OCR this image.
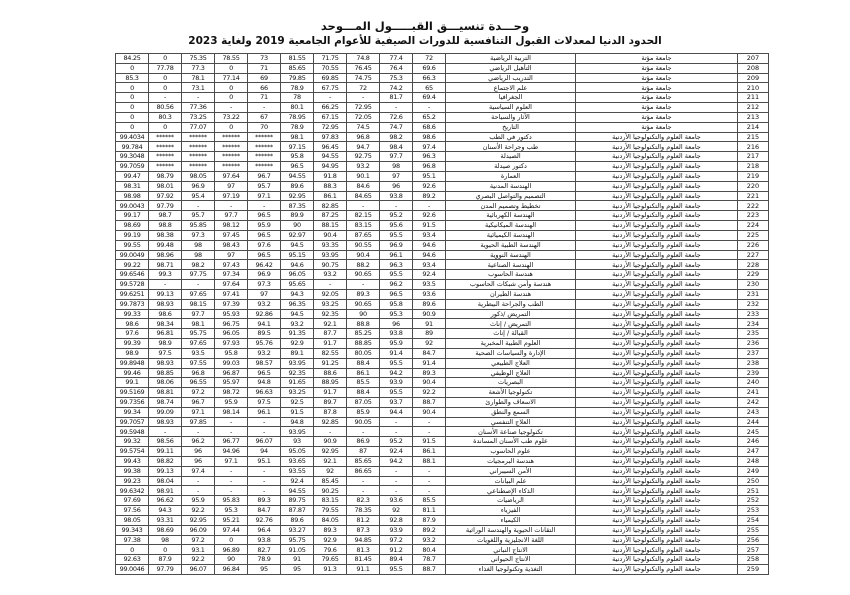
وحـــدة تنسيـــق القبـــــول المـــوحد
الحدود الدنيا لمعدلات القبول التنافسية للدورات الصيفية للأعوام الجامعية 2019 ولغاية 2023
84.25	0	75.35	78.55	73	81.55	71.75	74.8	77.4	72	التربية الرياضية	جامعة مؤتة	207
0	77.78	77.3	0	71	85.65	70.55	76.45	76.4	69.6	التأهيل الرياضي	جامعة مؤتة	208
85.3	0	78.1	77.14	69	79.85	69.85	74.75	75.3	66.3	التدريب الرياضي	جامعة مؤتة	209
0	0	73.1	0	66	78.9	67.75	72	74.2	65	علم الاجتماع	جامعة مؤتة	210
0	-	-	0	71	78	-	-	81.7	69.4	الجغرافيا	جامعة مؤتة	211
0	80.56	77.36	-	-	80.1	66.25	72.95	-	-	العلوم السياسية	جامعة مؤتة	212
0	80.3	73.25	73.22	67	78.95	67.15	72.05	72.6	65.2	الآثار والسياحة	جامعة مؤتة	213
0	0	77.07	0	70	78.9	72.95	74.5	74.7	68.6	التاريخ	جامعة مؤتة	214
99.4034	******	******	******	******	98.1	97.83	96.8	98.2	98.6	دكتور في الطب	جامعة العلوم والتكنولوجيا الأردنية	215
99.784	******	******	******	******	97.15	96.45	94.7	98.4	97.4	طب وجراحة الأسنان	جامعة العلوم والتكنولوجيا الأردنية	216
99.3048	******	******	******	******	95.8	94.55	92.75	97.7	96.3	الصيدلة	جامعة العلوم والتكنولوجيا الأردنية	217
99.7059	******	******	******	******	96.5	94.95	93.2	98	96.8	دكتور صيدلة	جامعة العلوم والتكنولوجيا الأردنية	218
99.47	98.79	98.05	97.64	96.7	94.55	91.8	90.1	97	95.1	العمارة	جامعة العلوم والتكنولوجيا الأردنية	219
98.31	98.01	96.9	97	95.7	89.6	88.3	84.6	96	92.6	الهندسة المدنية	جامعة العلوم والتكنولوجيا الأردنية	220
98.98	97.92	95.4	97.19	97.1	92.95	86.1	84.65	93.8	89.2	التصميم والتواصل البصري	جامعة العلوم والتكنولوجيا الأردنية	221
99.0043	97.79	-	-	-	87.35	82.85	-	-	-	تخطيط وتصميم المدن	جامعة العلوم والتكنولوجيا الأردنية	222
99.17	98.7	95.7	97.7	96.5	89.9	87.25	82.15	95.2	92.6	الهندسة الكهربائية	جامعة العلوم والتكنولوجيا الأردنية	223
98.69	98.8	95.85	98.12	95.9	90	88.15	83.15	95.6	91.5	الهندسة الميكانيكية	جامعة العلوم والتكنولوجيا الأردنية	224
99.19	98.38	97.3	97.45	96.5	92.97	90.4	87.65	95.5	93.4	الهندسة الكيميائية	جامعة العلوم والتكنولوجيا الأردنية	225
99.55	99.48	98	98.43	97.6	94.5	93.35	90.55	96.9	94.6	الهندسة الطبية الحيوية	جامعة العلوم والتكنولوجيا الأردنية	226
99.0049	98.96	98	97	96.5	95.15	93.95	90.4	96.1	94.6	الهندسة النووية	جامعة العلوم والتكنولوجيا الأردنية	227
99.22	98.71	98.2	97.43	96.42	94.6	90.75	88.2	96.3	93.4	الهندسة الصناعية	جامعة العلوم والتكنولوجيا الأردنية	228
99.6546	99.3	97.75	97.34	96.9	96.05	93.2	90.65	95.5	92.4	هندسة الحاسوب	جامعة العلوم والتكنولوجيا الأردنية	229
99.5728	-	-	97.64	97.3	95.65	-	-	96.2	93.5	هندسة وأمن شبكات الحاسوب	جامعة العلوم والتكنولوجيا الأردنية	230
99.6251	99.13	97.65	97.41	97	94.3	92.05	89.3	96.5	93.6	هندسة الطيران	جامعة العلوم والتكنولوجيا الأردنية	231
99.7873	98.93	98.15	97.39	93.2	96.35	93.25	90.65	95.8	89.6	الطب والجراحة البيطرية	جامعة العلوم والتكنولوجيا الأردنية	232
99.33	98.6	97.7	95.93	92.86	94.5	92.35	90	95.3	90.9	التمريض /ذكور	جامعة العلوم والتكنولوجيا الأردنية	233
98.6	98.34	98.1	96.75	94.1	93.2	92.1	88.8	96	91	التمريض / إناث	جامعة العلوم والتكنولوجيا الأردنية	234
97.6	96.81	95.75	96.05	89.5	91.35	87.7	85.25	93.8	89	القبالة / إناث	جامعة العلوم والتكنولوجيا الأردنية	235
99.39	98.9	97.65	97.93	95.76	92.9	91.7	88.85	95.9	92	العلوم الطبية المخبرية	جامعة العلوم والتكنولوجيا الأردنية	236
98.9	97.5	93.5	95.8	93.2	89.1	82.55	80.05	91.4	84.7	الإدارة والسياسات الصحية	جامعة العلوم والتكنولوجيا الأردنية	237
99.8948	98.93	97.55	99.03	98.57	93.95	91.25	88.4	95.5	91.4	العلاج الطبيعي	جامعة العلوم والتكنولوجيا الأردنية	238
99.46	98.85	96.8	96.87	96.5	92.35	88.6	86.1	94.2	89.3	العلاج الوظيفي	جامعة العلوم والتكنولوجيا الأردنية	239
99.1	98.06	96.55	95.97	94.8	91.65	88.95	85.5	93.9	90.4	البصريات	جامعة العلوم والتكنولوجيا الأردنية	240
99.5169	98.81	97.2	98.72	96.63	93.25	91.7	88.4	95.5	92.2	تكنولوجيا الأشعة	جامعة العلوم والتكنولوجيا الأردنية	241
99.7356	98.74	96.7	95.9	97.5	92.5	89.7	87.05	93.7	88.7	الاسعاف والطوارئ	جامعة العلوم والتكنولوجيا الأردنية	242
99.34	99.09	97.1	98.14	96.1	91.5	87.8	85.9	94.4	90.4	السمع والنطق	جامعة العلوم والتكنولوجيا الأردنية	243
99.7057	98.93	97.85	-	-	94.8	92.85	90.05	-	-	العلاج التنفسي	جامعة العلوم والتكنولوجيا الأردنية	244
99.5948	-	-	-	-	93.95	-	-	-	-	تكنولوجيا صناعة الأسنان	جامعة العلوم والتكنولوجيا الأردنية	245
99.32	98.56	96.2	96.77	96.07	93	90.9	86.9	95.2	91.5	علوم طب الأسنان المساندة	جامعة العلوم والتكنولوجيا الأردنية	246
99.5754	99.11	96	94.96	94	95.05	92.95	87	92.4	86.1	علوم الحاسوب	جامعة العلوم والتكنولوجيا الأردنية	247
99.43	98.82	96	97.1	95.1	93.65	92.1	85.65	94.2	88.1	هندسة البرمجيات	جامعة العلوم والتكنولوجيا الأردنية	248
99.38	99.13	97.4	-	-	93.55	92	86.65	-	-	الأمن السيبراني	جامعة العلوم والتكنولوجيا الأردنية	249
99.23	98.04	-	-	-	92.4	85.45	-	-	-	علم البيانات	جامعة العلوم والتكنولوجيا الأردنية	250
99.6342	98.91	-	-	-	94.55	90.25	-	-	-	الذكاء الإصطناعي	جامعة العلوم والتكنولوجيا الأردنية	251
97.69	96.62	95.9	95.83	89.3	89.75	83.15	82.3	93.6	85.5	الرياضيات	جامعة العلوم والتكنولوجيا الأردنية	252
97.56	94.3	92.2	95.3	84.7	87.87	79.55	78.35	92	81.1	الفيزياء	جامعة العلوم والتكنولوجيا الأردنية	253
98.05	93.31	92.95	95.21	92.76	89.6	84.05	81.2	92.8	87.9	الكيمياء	جامعة العلوم والتكنولوجيا الأردنية	254
99.343	98.69	96.09	97.44	96.4	93.27	89.3	87.3	93.9	89.2	التقانات الحيوية والهندسة الوراثية	جامعة العلوم والتكنولوجيا الأردنية	255
97.38	98	97.2	0	93.8	95.75	92.9	94.85	97.2	93.2	اللغة الانجليزية واللغويات	جامعة العلوم والتكنولوجيا الأردنية	256
0	0	93.1	96.89	82.7	91.05	79.6	81.3	91.2	80.4	الانتاج النباتي	جامعة العلوم والتكنولوجيا الأردنية	257
92.63	87.9	92.2	90	78.9	91	79.65	81.45	89.4	78.7	الانتاج الحيواني	جامعة العلوم والتكنولوجيا الأردنية	258
99.0046	97.79	96.07	96.84	95	95	91.3	91.1	95.5	88.7	التغذية وتكنولوجيا الغذاء	جامعة العلوم والتكنولوجيا الأردنية	259
